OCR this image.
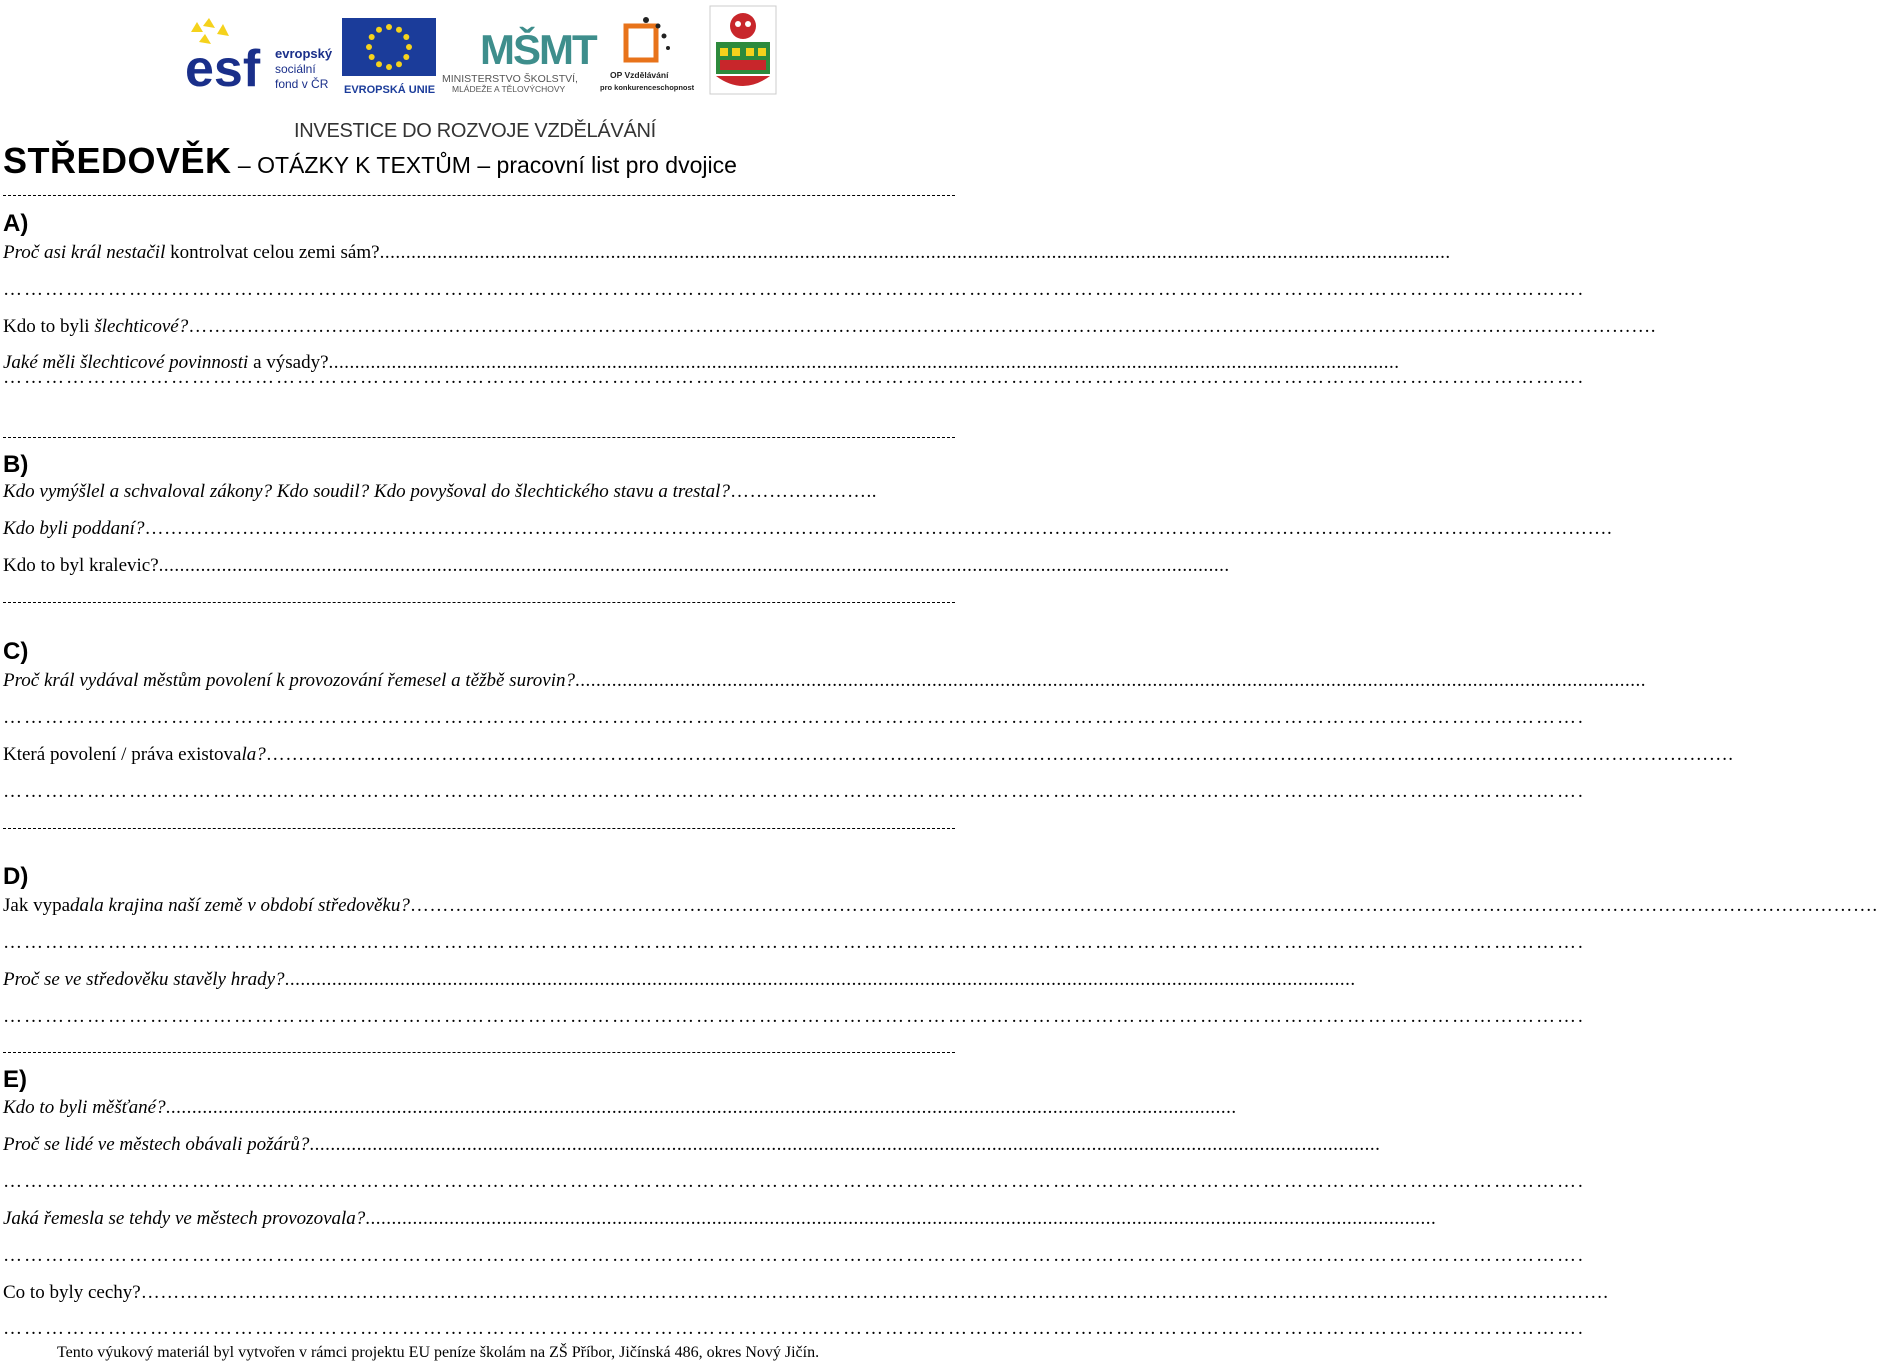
esf evropský
sociální
fond v ČR EVROPSKÁ UNIE
MŠMT
MINISTERSTVO ŠKOLSTVÍ,
MLÁDEŽE A TĚLOVÝCHOVY
OP Vzdělávání
pro konkurenceschopnost
INVESTICE DO ROZVOJE VZDĚLÁVÁNÍ
STŘEDOVĚK – OTÁZKY K TEXTŮM – pracovní list pro dvojice
A)
Proč asi král nestačil kontrolvat celou zemi sám? ............................................................................................................................................................................................................
……………………………………………………………………………………………………………………………………………………………………………………………………….
Kdo to byli šlechticové? ……………………………………………………………………………………………………………………………………………………………………………………………………….
Jaké měli šlechticové povinnosti a výsady? ............................................................................................................................................................................................................
……………………………………………………………………………………………………………………………………………………………………………………………………….
B)
Kdo vymýšlel a schvaloval zákony? Kdo soudil? Kdo povyšoval do šlechtického stavu a trestal? …………………..
Kdo byli poddaní? ……………………………………………………………………………………………………………………………………………………………………………………………………….
Kdo to byl kralevic? ............................................................................................................................................................................................................
C)
Proč král vydával městům povolení k provozování řemesel a těžbě surovin? ............................................................................................................................................................................................................
……………………………………………………………………………………………………………………………………………………………………………………………………….
Která povolení / práva existovala? ……………………………………………………………………………………………………………………………………………………………………………………………………….
……………………………………………………………………………………………………………………………………………………………………………………………………….
D)
Jak vypadala krajina naší země v období středověku? ……………………………………………………………………………………………………………………………………………………………………………………………………….
……………………………………………………………………………………………………………………………………………………………………………………………………….
Proč se ve středověku stavěly hrady? ............................................................................................................................................................................................................
……………………………………………………………………………………………………………………………………………………………………………………………………….
E)
Kdo to byli měšťané? ............................................................................................................................................................................................................
Proč se lidé ve městech obávali požárů? ............................................................................................................................................................................................................
……………………………………………………………………………………………………………………………………………………………………………………………………….
Jaká řemesla se tehdy ve městech provozovala? ............................................................................................................................................................................................................
……………………………………………………………………………………………………………………………………………………………………………………………………….
Co to byly cechy? ……………………………………………………………………………………………………………………………………………………………………………………………………….
……………………………………………………………………………………………………………………………………………………………………………………………………….
Tento výukový materiál byl vytvořen v rámci projektu EU peníze školám na ZŠ Příbor, Jičínská 486, okres Nový Jičín.
